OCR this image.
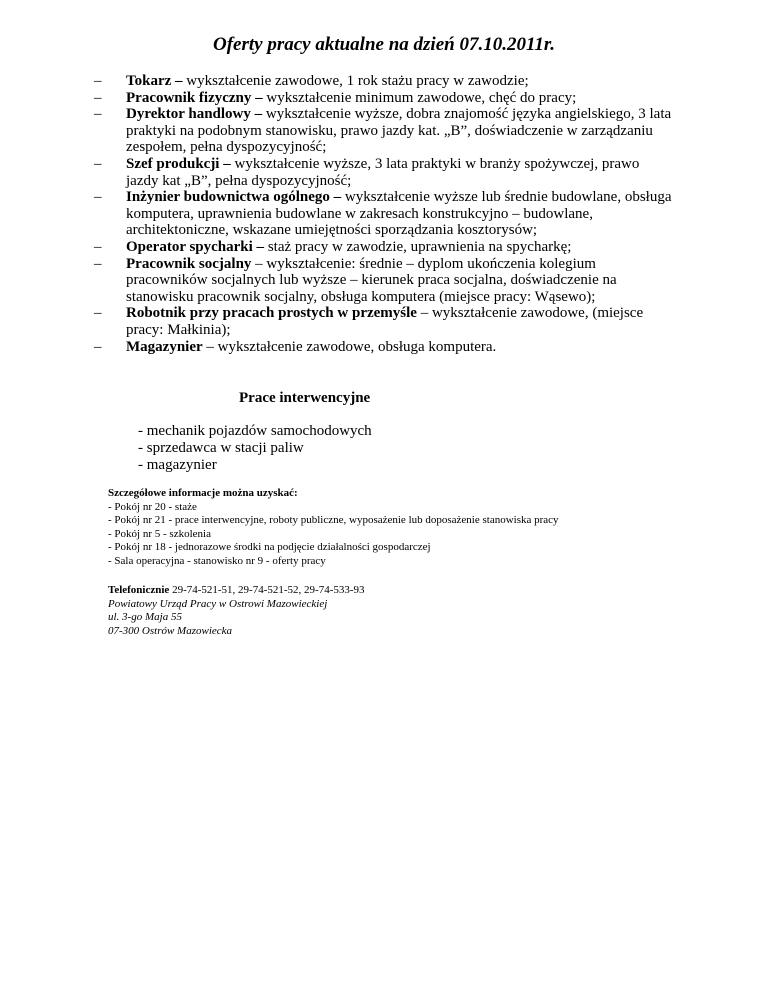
Oferty pracy aktualne na dzień 07.10.2011r.
– Tokarz – wykształcenie zawodowe, 1 rok stażu pracy w zawodzie;
– Pracownik fizyczny – wykształcenie minimum zawodowe, chęć do pracy;
– Dyrektor handlowy – wykształcenie wyższe, dobra znajomość języka angielskiego, 3 lata praktyki na podobnym stanowisku, prawo jazdy kat. „B”, doświadczenie w zarządzaniu zespołem, pełna dyspozycyjność;
– Szef produkcji – wykształcenie wyższe, 3 lata praktyki w branży spożywczej, prawo jazdy kat „B”, pełna dyspozycyjność;
– Inżynier budownictwa ogólnego – wykształcenie wyższe lub średnie budowlane, obsługa komputera, uprawnienia budowlane w zakresach konstrukcyjno – budowlane, architektoniczne, wskazane umiejętności sporządzania kosztorysów;
– Operator spycharki – staż pracy w zawodzie, uprawnienia na spycharkę;
– Pracownik socjalny – wykształcenie: średnie – dyplom ukończenia kolegium pracowników socjalnych lub wyższe – kierunek praca socjalna, doświadczenie na stanowisku pracownik socjalny, obsługa komputera (miejsce pracy: Wąsewo);
– Robotnik przy pracach prostych w przemyśle – wykształcenie zawodowe, (miejsce pracy: Małkinia);
– Magazynier – wykształcenie zawodowe, obsługa komputera.
Prace interwencyjne
- mechanik pojazdów samochodowych
- sprzedawca w stacji paliw
- magazynier
Szczegółowe informacje można uzyskać:
- Pokój nr 20 - staże
- Pokój nr 21 - prace interwencyjne, roboty publiczne, wyposażenie lub doposażenie stanowiska pracy
- Pokój nr 5 - szkolenia
- Pokój nr 18 - jednorazowe środki na podjęcie działalności gospodarczej
- Sala operacyjna - stanowisko nr 9 - oferty pracy
Telefonicznie 29-74-521-51, 29-74-521-52, 29-74-533-93
Powiatowy Urząd Pracy w Ostrowi Mazowieckiej
ul. 3-go Maja 55
07-300 Ostrów Mazowiecka
